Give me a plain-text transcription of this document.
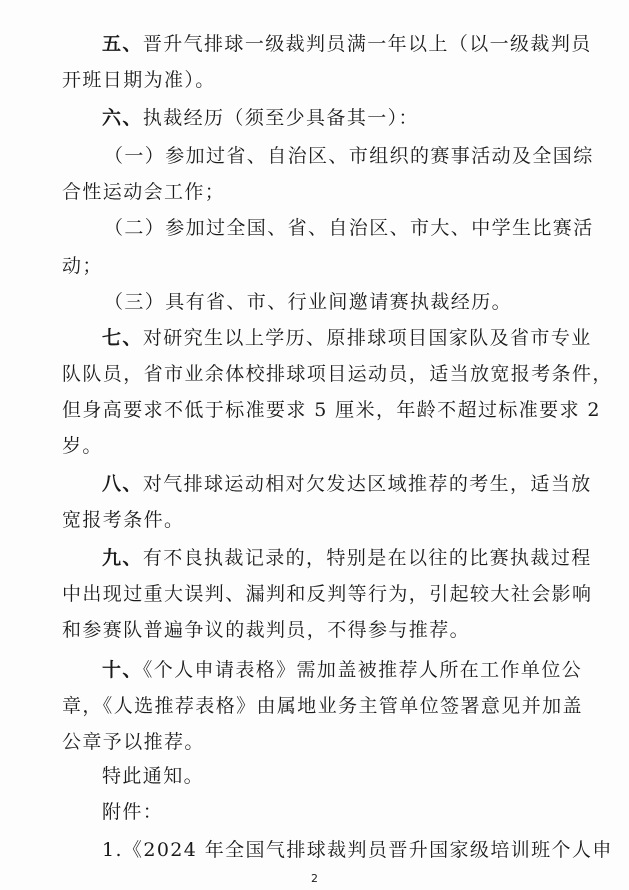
五、晋升气排球一级裁判员满一年以上（以一级裁判员
开班日期为准）。
六、执裁经历（须至少具备其一）：
（一）参加过省、自治区、市组织的赛事活动及全国综
合性运动会工作；
（二）参加过全国、省、自治区、市大、中学生比赛活
动；
（三）具有省、市、行业间邀请赛执裁经历。
七、对研究生以上学历、原排球项目国家队及省市专业
队队员，省市业余体校排球项目运动员，适当放宽报考条件，
但身高要求不低于标准要求 5 厘米，年龄不超过标准要求 2
岁。
八、对气排球运动相对欠发达区域推荐的考生，适当放
宽报考条件。
九、有不良执裁记录的，特别是在以往的比赛执裁过程
中出现过重大误判、漏判和反判等行为，引起较大社会影响
和参赛队普遍争议的裁判员，不得参与推荐。
十、《个人申请表格》需加盖被推荐人所在工作单位公
章，《人选推荐表格》由属地业务主管单位签署意见并加盖
公章予以推荐。
特此通知。
2
附件：
1.《2024 年全国气排球裁判员晋升国家级培训班个人申
